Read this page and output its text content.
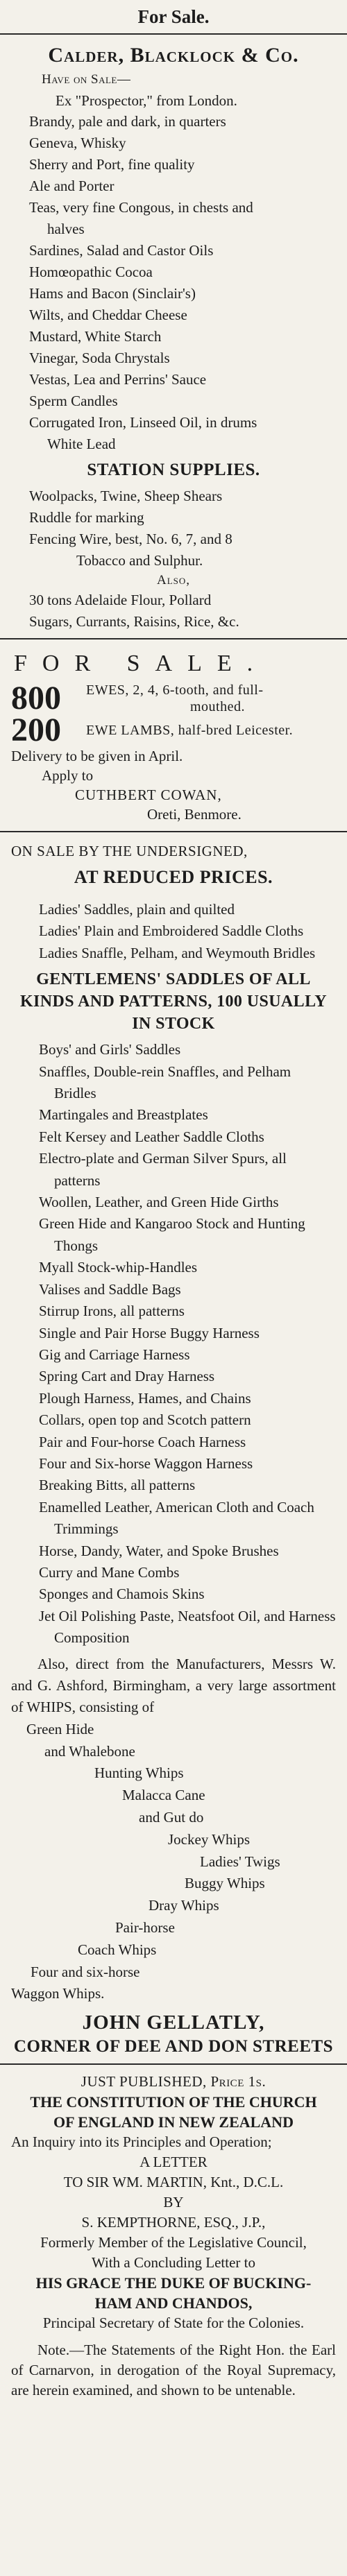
For Sale.
Calder, Blacklock & Co.
Have on Sale—
Ex "Prospector," from London.
Brandy, pale and dark, in quarters
Geneva, Whisky
Sherry and Port, fine quality
Ale and Porter
Teas, very fine Congous, in chests and
halves
Sardines, Salad and Castor Oils
Homœopathic Cocoa
Hams and Bacon (Sinclair's)
Wilts, and Cheddar Cheese
Mustard, White Starch
Vinegar, Soda Chrystals
Vestas, Lea and Perrins' Sauce
Sperm Candles
Corrugated Iron, Linseed Oil, in drums
White Lead
STATION SUPPLIES.
Woolpacks, Twine, Sheep Shears
Ruddle for marking
Fencing Wire, best, No. 6, 7, and 8
Tobacco and Sulphur.
Also,
30 tons Adelaide Flour, Pollard
Sugars, Currants, Raisins, Rice, &c.
FOR SALE.
800	EWES, 2, 4, 6-tooth, and full-
mouthed.
200	EWE LAMBS, half-bred Leicester.
Delivery to be given in April.
Apply to
CUTHBERT COWAN,
Oreti, Benmore.
ON SALE BY THE UNDERSIGNED,
AT REDUCED PRICES.
Ladies' Saddles, plain and quilted
Ladies' Plain and Embroidered Saddle Cloths
Ladies Snaffle, Pelham, and Weymouth Bridles
GENTLEMENS' SADDLES OF ALL KINDS AND PATTERNS, 100 USUALLY IN STOCK
Boys' and Girls' Saddles
Snaffles, Double-rein Snaffles, and Pelham Bridles
Martingales and Breastplates
Felt Kersey and Leather Saddle Cloths
Electro-plate and German Silver Spurs, all patterns
Woollen, Leather, and Green Hide Girths
Green Hide and Kangaroo Stock and Hunting Thongs
Myall Stock-whip-Handles
Valises and Saddle Bags
Stirrup Irons, all patterns
Single and Pair Horse Buggy Harness
Gig and Carriage Harness
Spring Cart and Dray Harness
Plough Harness, Hames, and Chains
Collars, open top and Scotch pattern
Pair and Four-horse Coach Harness
Four and Six-horse Waggon Harness
Breaking Bitts, all patterns
Enamelled Leather, American Cloth and Coach Trimmings
Horse, Dandy, Water, and Spoke Brushes
Curry and Mane Combs
Sponges and Chamois Skins
Jet Oil Polishing Paste, Neatsfoot Oil, and Harness Composition
Also, direct from the Manufacturers, Messrs W. and G. Ashford, Birmingham, a very large assortment of WHIPS, consisting of
Green Hide
and Whalebone
Hunting Whips
Malacca Cane
and Gut do
Jockey Whips
Ladies' Twigs
Buggy Whips
Dray Whips
Pair-horse
Coach Whips
Four and six-horse
Waggon Whips.
JOHN GELLATLY,
CORNER OF DEE AND DON STREETS
JUST PUBLISHED, Price 1s.
THE CONSTITUTION OF THE CHURCH
OF ENGLAND IN NEW ZEALAND
An Inquiry into its Principles and Operation;
A LETTER
TO SIR WM. MARTIN, Knt., D.C.L.
BY
S. KEMPTHORNE, ESQ., J.P.,
Formerly Member of the Legislative Council,
With a Concluding Letter to
HIS GRACE THE DUKE OF BUCKING-
HAM AND CHANDOS,
Principal Secretary of State for the Colonies.
Note.—The Statements of the Right Hon. the Earl of Carnarvon, in derogation of the Royal Supremacy, are herein examined, and shown to be untenable.
